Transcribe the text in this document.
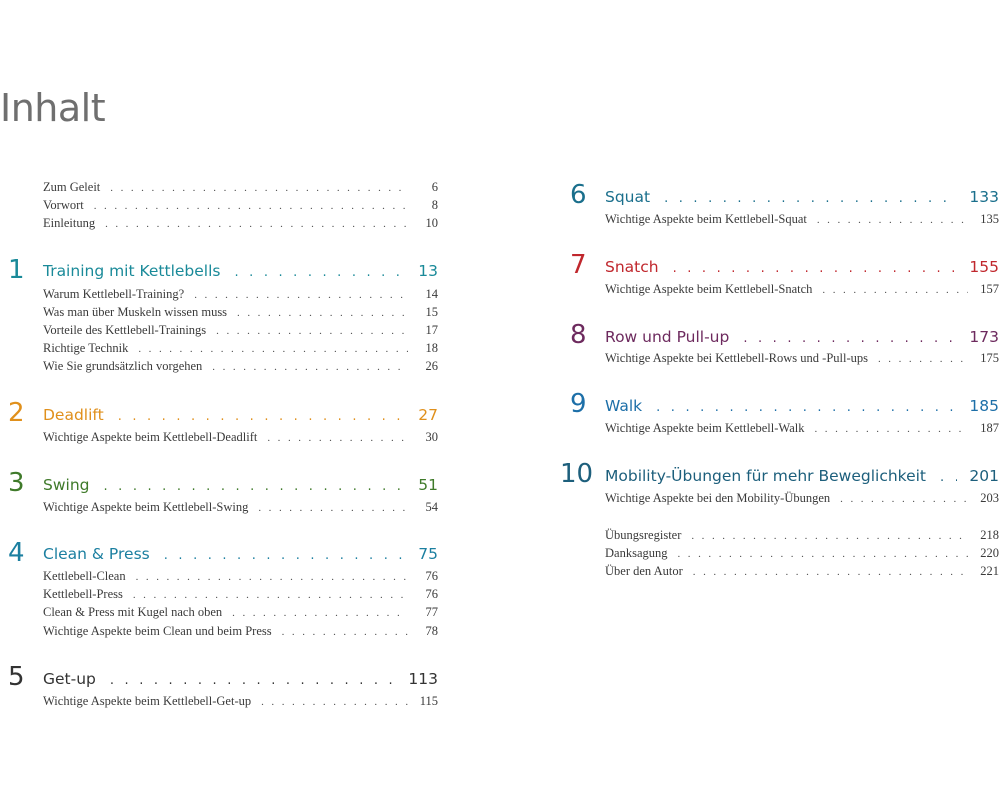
Inhalt
Zum Geleit . . .	6
Vorwort . . .	8
Einleitung . . .	10
1 Training mit Kettlebells . . .	13
Warum Kettlebell-Training? . . .	14
Was man über Muskeln wissen muss . . .	15
Vorteile des Kettlebell-Trainings . . .	17
Richtige Technik . . .	18
Wie Sie grundsätzlich vorgehen . . .	26
2 Deadlift . . .	27
Wichtige Aspekte beim Kettlebell-Deadlift . . .	30
3 Swing . . .	51
Wichtige Aspekte beim Kettlebell-Swing . . .	54
4 Clean & Press . . .	75
Kettlebell-Clean . . .	76
Kettlebell-Press . . .	76
Clean & Press mit Kugel nach oben . . .	77
Wichtige Aspekte beim Clean und beim Press . . .	78
5 Get-up . . .	113
Wichtige Aspekte beim Kettlebell-Get-up . . .	115
6 Squat . . .	133
Wichtige Aspekte beim Kettlebell-Squat . . .	135
7 Snatch . . .	155
Wichtige Aspekte beim Kettlebell-Snatch . . .	157
8 Row und Pull-up . . .	173
Wichtige Aspekte bei Kettlebell-Rows und -Pull-ups . . .	175
9 Walk . . .	185
Wichtige Aspekte beim Kettlebell-Walk . . .	187
10 Mobility-Übungen für mehr Beweglichkeit . . .	201
Wichtige Aspekte bei den Mobility-Übungen . . .	203
Übungsregister . . .	218
Danksagung . . .	220
Über den Autor . . .	221
